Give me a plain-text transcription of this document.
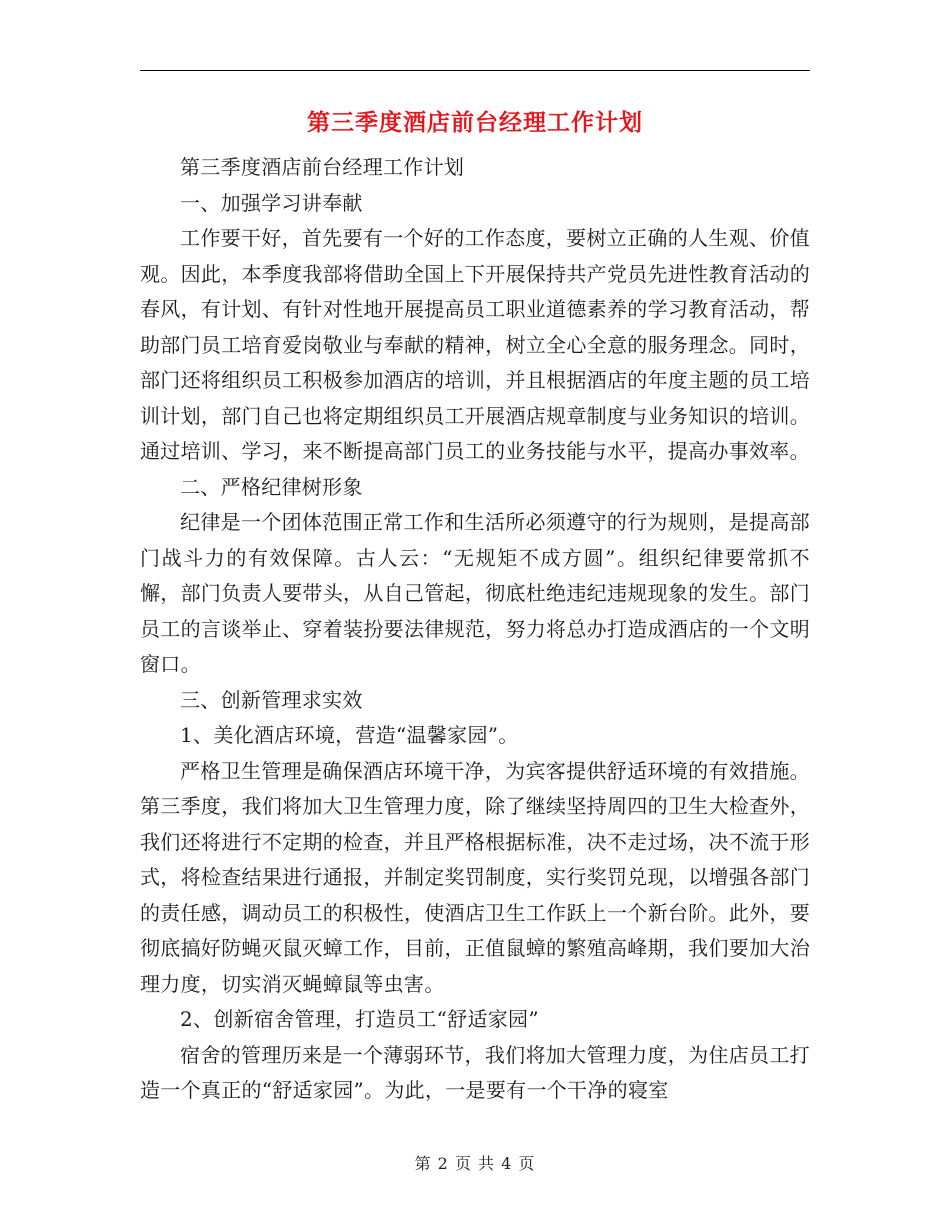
第三季度酒店前台经理工作计划

第三季度酒店前台经理工作计划

一、加强学习讲奉献

工作要干好，首先要有一个好的工作态度，要树立正确的人生观、价值观。因此，本季度我部将借助全国上下开展保持共产党员先进性教育活动的春风，有计划、有针对性地开展提高员工职业道德素养的学习教育活动，帮助部门员工培育爱岗敬业与奉献的精神，树立全心全意的服务理念。同时，部门还将组织员工积极参加酒店的培训，并且根据酒店的年度主题的员工培训计划，部门自己也将定期组织员工开展酒店规章制度与业务知识的培训。通过培训、学习，来不断提高部门员工的业务技能与水平，提高办事效率。

二、严格纪律树形象

纪律是一个团体范围正常工作和生活所必须遵守的行为规则，是提高部门战斗力的有效保障。古人云：“无规矩不成方圆”。组织纪律要常抓不懈，部门负责人要带头，从自己管起，彻底杜绝违纪违规现象的发生。部门员工的言谈举止、穿着装扮要法律规范，努力将总办打造成酒店的一个文明窗口。

三、创新管理求实效

1、美化酒店环境，营造“温馨家园”。

严格卫生管理是确保酒店环境干净，为宾客提供舒适环境的有效措施。第三季度，我们将加大卫生管理力度，除了继续坚持周四的卫生大检查外，我们还将进行不定期的检查，并且严格根据标准，决不走过场，决不流于形式，将检查结果进行通报，并制定奖罚制度，实行奖罚兑现，以增强各部门的责任感，调动员工的积极性，使酒店卫生工作跃上一个新台阶。此外，要彻底搞好防蝇灭鼠灭蟑工作，目前，正值鼠蟑的繁殖高峰期，我们要加大治理力度，切实消灭蝇蟑鼠等虫害。

2、创新宿舍管理，打造员工“舒适家园”

宿舍的管理历来是一个薄弱环节，我们将加大管理力度，为住店员工打造一个真正的“舒适家园”。为此，一是要有一个干净的寝室

第 2 页 共 4 页
